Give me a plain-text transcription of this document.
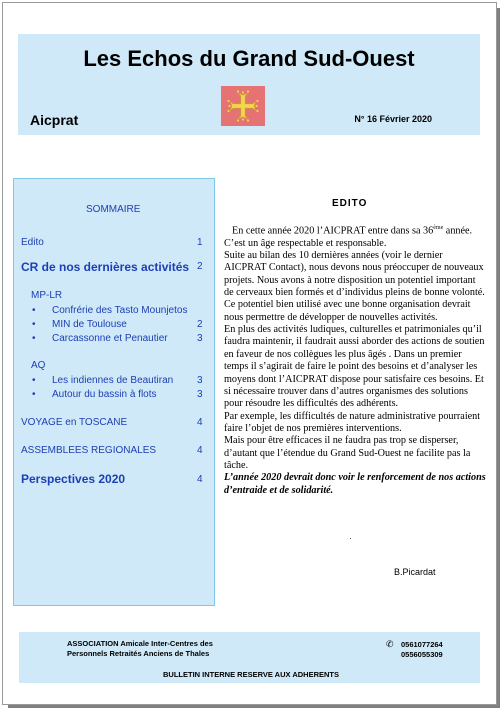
Les Echos du Grand Sud-Ouest
Aicprat	N° 16 Février 2020
SOMMAIRE
Edito	1
CR de nos dernières activités 2
MP-LR
• Confrérie des Tasto Mounjetos
• MIN de Toulouse	2
• Carcassonne et Penautier	3
AQ
• Les indiennes de Beautiran 3
• Autour du bassin à flots	3
VOYAGE en TOSCANE	4
ASSEMBLEES REGIONALES	4
Perspectives 2020	4
EDITO

En cette année 2020 l’AICPRAT entre dans sa 36ème année. C’est un âge respectable et responsable.

Suite au bilan des 10 dernières années (voir le dernier AICPRAT Contact), nous devons nous préoccuper de nouveaux projets. Nous avons à notre disposition un potentiel important de cerveaux bien formés et d’individus pleins de bonne volonté. Ce potentiel bien utilisé avec une bonne organisation devrait nous permettre de développer de nouvelles activités.

En plus des activités ludiques, culturelles et patrimoniales qu’il faudra maintenir, il faudrait aussi aborder des actions de soutien en faveur de nos collègues les plus âgés . Dans un premier temps il s’agirait de faire le point des besoins et d’analyser les moyens dont l’AICPRAT dispose pour satisfaire ces besoins. Et si nécessaire trouver dans d’autres organismes des solutions pour résoudre les difficultés des adhérents.

Par exemple, les difficultés de nature administrative pourraient faire l’objet de nos premières interventions.

Mais pour être efficaces il ne faudra pas trop se disperser, d’autant que l’étendue du Grand Sud-Ouest ne facilite pas la tâche.

L’année 2020 devrait donc voir le renforcement de nos actions d’entraide et de solidarité.

·
B.Picardat
ASSOCIATION Amicale Inter-Centres des
Personnels Retraités Anciens de Thales
✆ 0561077264
0556055309
BULLETIN INTERNE RESERVE AUX ADHERENTS
